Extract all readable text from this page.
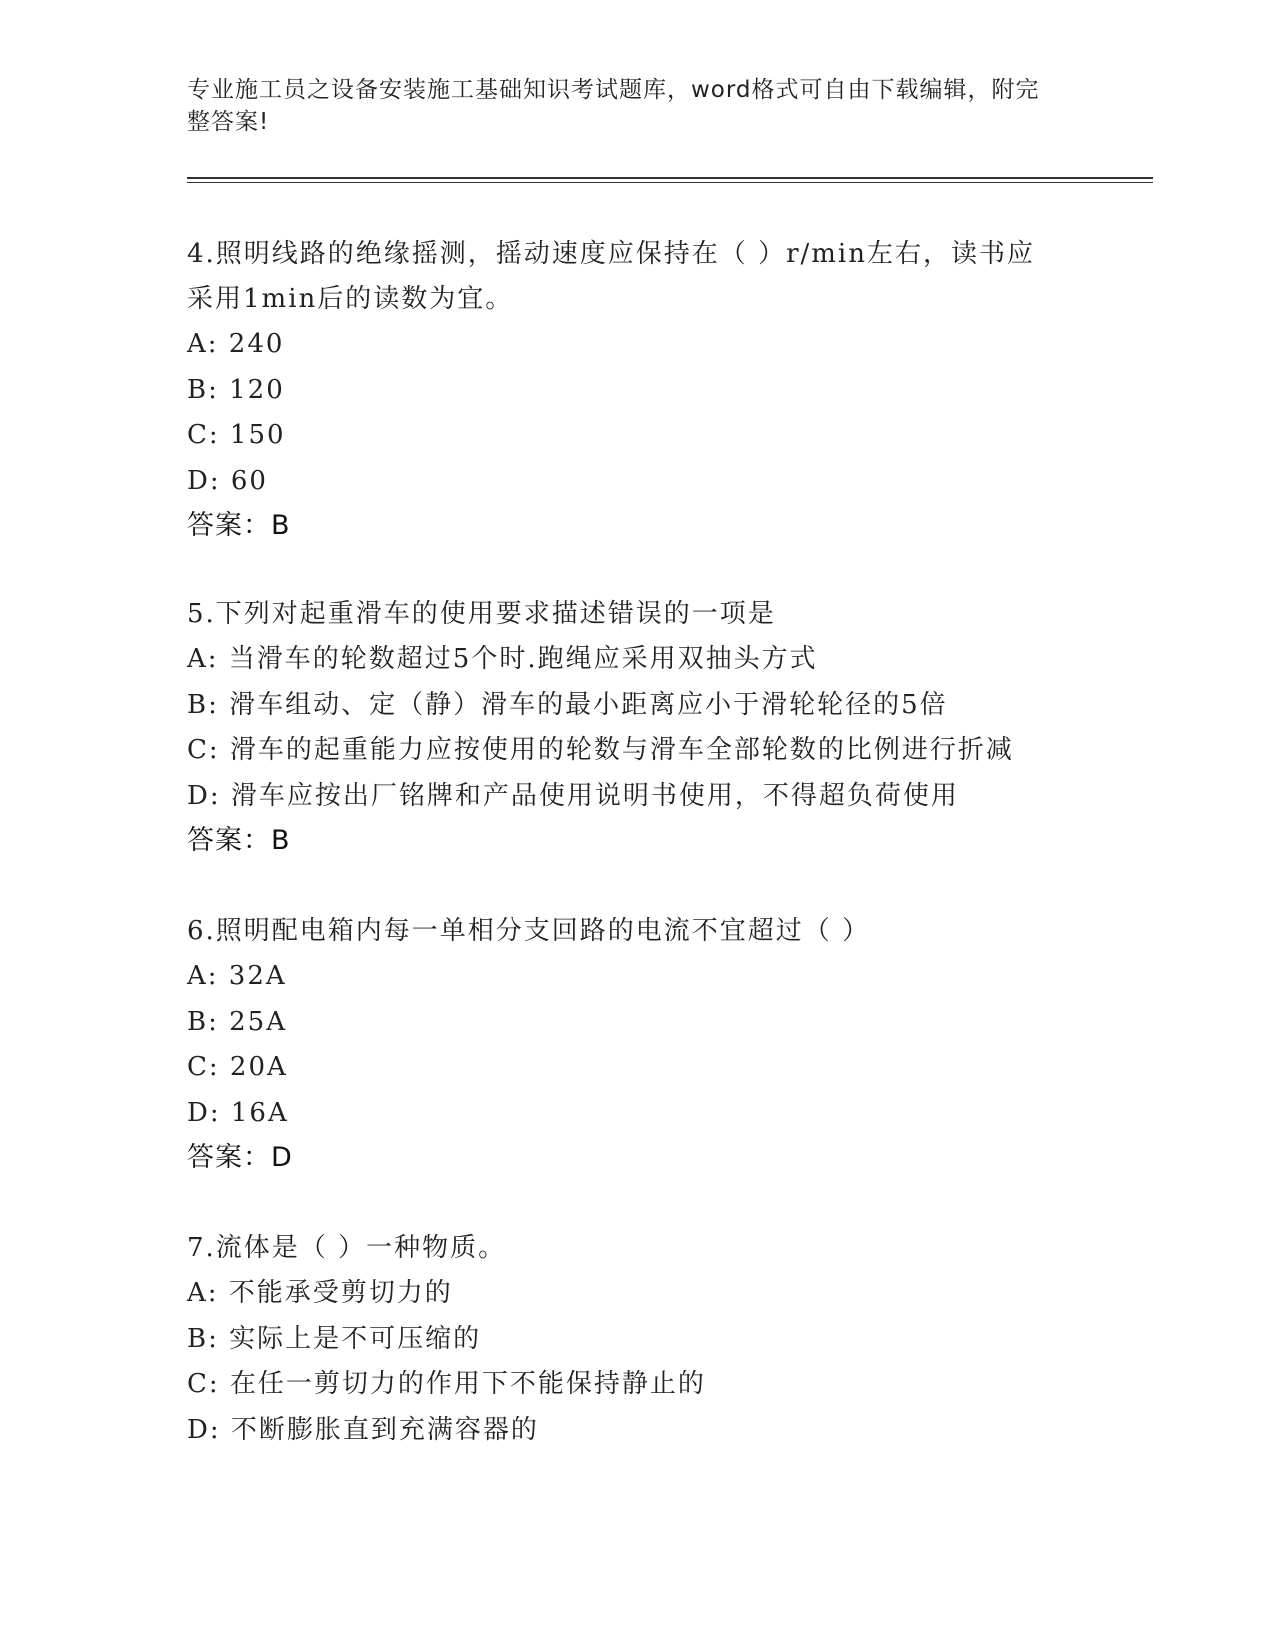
专业施工员之设备安装施工基础知识考试题库，word格式可自由下载编辑，附完
整答案!

4.照明线路的绝缘摇测，摇动速度应保持在（ ）r/min左右，读书应

采用1min后的读数为宜。

A: 240

B: 120

C: 150

D: 60

答案：B

5.下列对起重滑车的使用要求描述错误的一项是

A: 当滑车的轮数超过5个时.跑绳应采用双抽头方式

B: 滑车组动、定（静）滑车的最小距离应小于滑轮轮径的5倍

C: 滑车的起重能力应按使用的轮数与滑车全部轮数的比例进行折减

D: 滑车应按出厂铭牌和产品使用说明书使用，不得超负荷使用

答案：B

6.照明配电箱内每一单相分支回路的电流不宜超过（ ）

A: 32A

B: 25A

C: 20A

D: 16A

答案：D

7.流体是（ ）一种物质。

A: 不能承受剪切力的

B: 实际上是不可压缩的

C: 在任一剪切力的作用下不能保持静止的

D: 不断膨胀直到充满容器的
